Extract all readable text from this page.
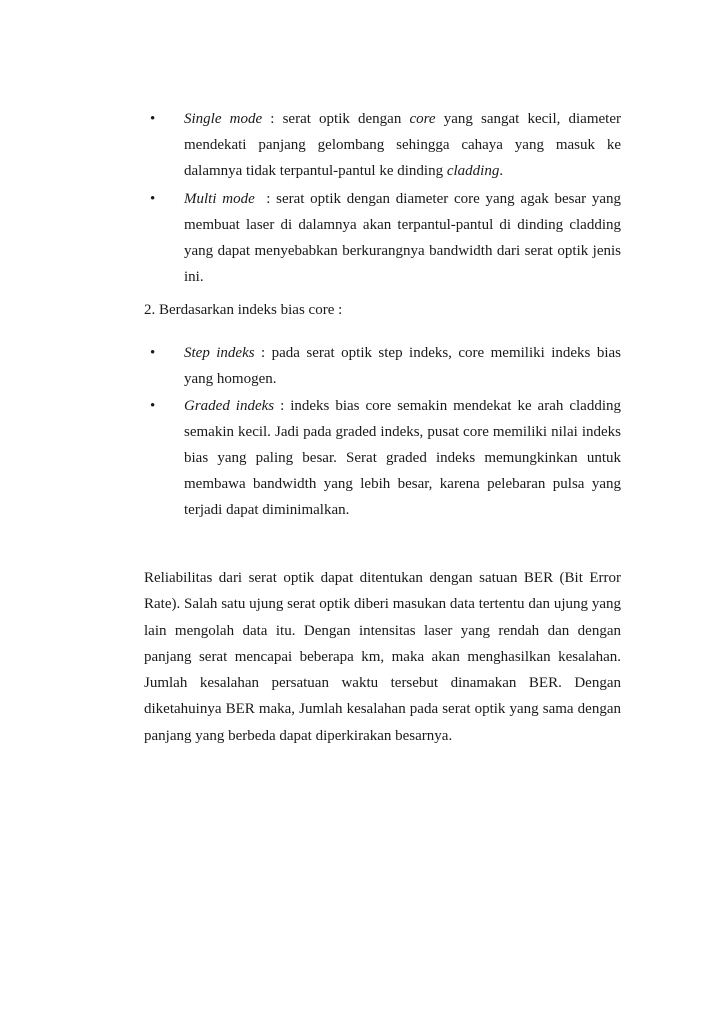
• Single mode : serat optik dengan core yang sangat kecil, diameter mendekati panjang gelombang sehingga cahaya yang masuk ke dalamnya tidak terpantul-pantul ke dinding cladding.
• Multi mode  : serat optik dengan diameter core yang agak besar yang membuat laser di dalamnya akan terpantul-pantul di dinding cladding yang dapat menyebabkan berkurangnya bandwidth dari serat optik jenis ini.
2. Berdasarkan indeks bias core :
• Step indeks : pada serat optik step indeks, core memiliki indeks bias yang homogen.
• Graded indeks : indeks bias core semakin mendekat ke arah cladding semakin kecil. Jadi pada graded indeks, pusat core memiliki nilai indeks bias yang paling besar. Serat graded indeks memungkinkan untuk membawa bandwidth yang lebih besar, karena pelebaran pulsa yang terjadi dapat diminimalkan.

Reliabilitas dari serat optik dapat ditentukan dengan satuan BER (Bit Error Rate). Salah satu ujung serat optik diberi masukan data tertentu dan ujung yang lain mengolah data itu. Dengan intensitas laser yang rendah dan dengan panjang serat mencapai beberapa km, maka akan menghasilkan kesalahan. Jumlah kesalahan persatuan waktu tersebut dinamakan BER. Dengan diketahuinya BER maka, Jumlah kesalahan pada serat optik yang sama dengan panjang yang berbeda dapat diperkirakan besarnya.
